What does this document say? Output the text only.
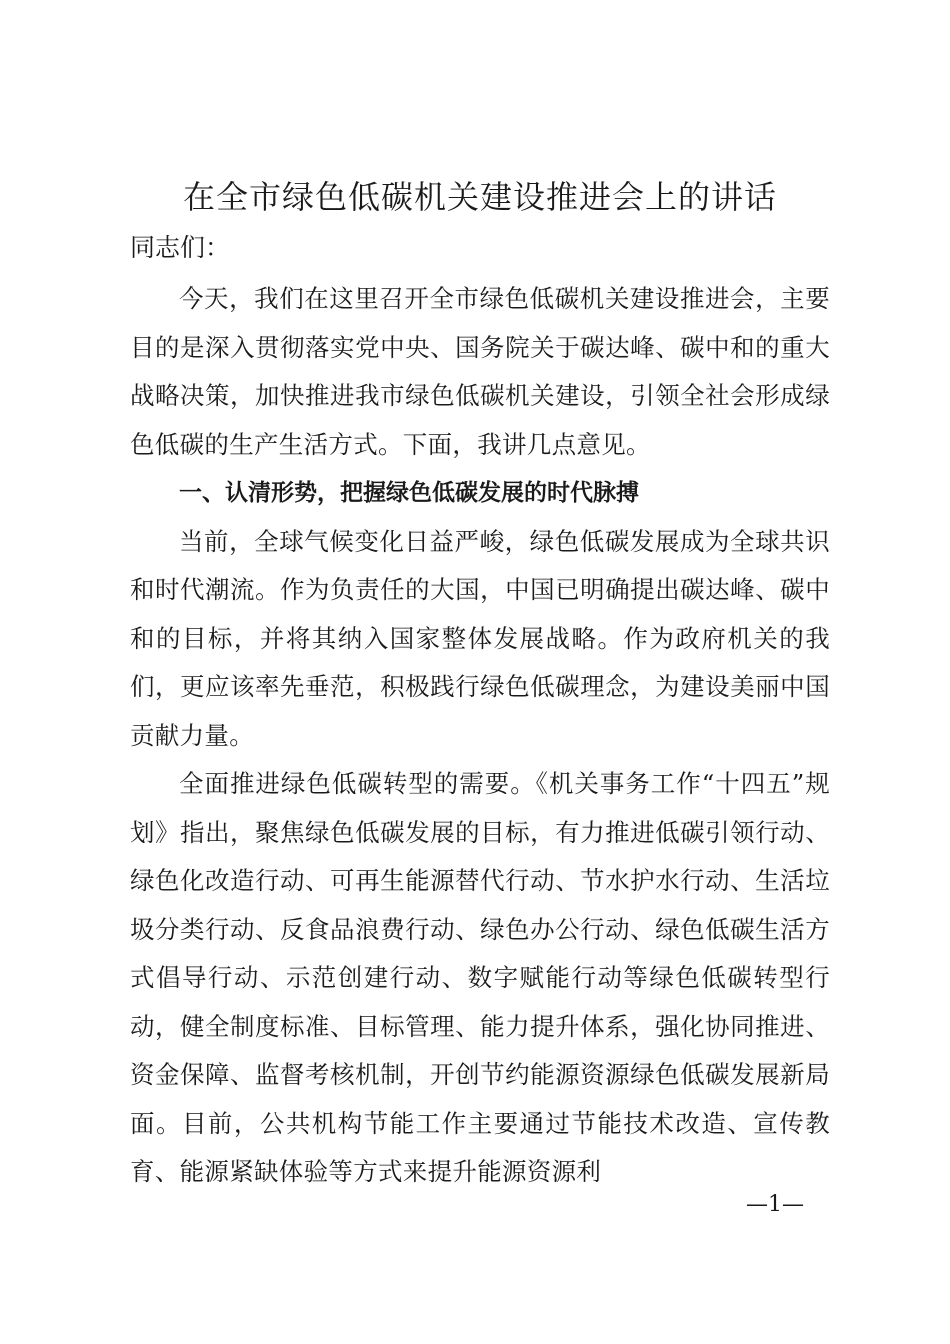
在全市绿色低碳机关建设推进会上的讲话
同志们：

今天，我们在这里召开全市绿色低碳机关建设推进会，主要目的是深入贯彻落实党中央、国务院关于碳达峰、碳中和的重大战略决策，加快推进我市绿色低碳机关建设，引领全社会形成绿色低碳的生产生活方式。下面，我讲几点意见。

一、认清形势，把握绿色低碳发展的时代脉搏

当前，全球气候变化日益严峻，绿色低碳发展成为全球共识和时代潮流。作为负责任的大国，中国已明确提出碳达峰、碳中和的目标，并将其纳入国家整体发展战略。作为政府机关的我们，更应该率先垂范，积极践行绿色低碳理念，为建设美丽中国贡献力量。

全面推进绿色低碳转型的需要。《机关事务工作“十四五”规划》指出，聚焦绿色低碳发展的目标，有力推进低碳引领行动、绿色化改造行动、可再生能源替代行动、节水护水行动、生活垃圾分类行动、反食品浪费行动、绿色办公行动、绿色低碳生活方式倡导行动、示范创建行动、数字赋能行动等绿色低碳转型行动，健全制度标准、目标管理、能力提升体系，强化协同推进、资金保障、监督考核机制，开创节约能源资源绿色低碳发展新局面。目前，公共机构节能工作主要通过节能技术改造、宣传教育、能源紧缺体验等方式来提升能源资源利

—1—
